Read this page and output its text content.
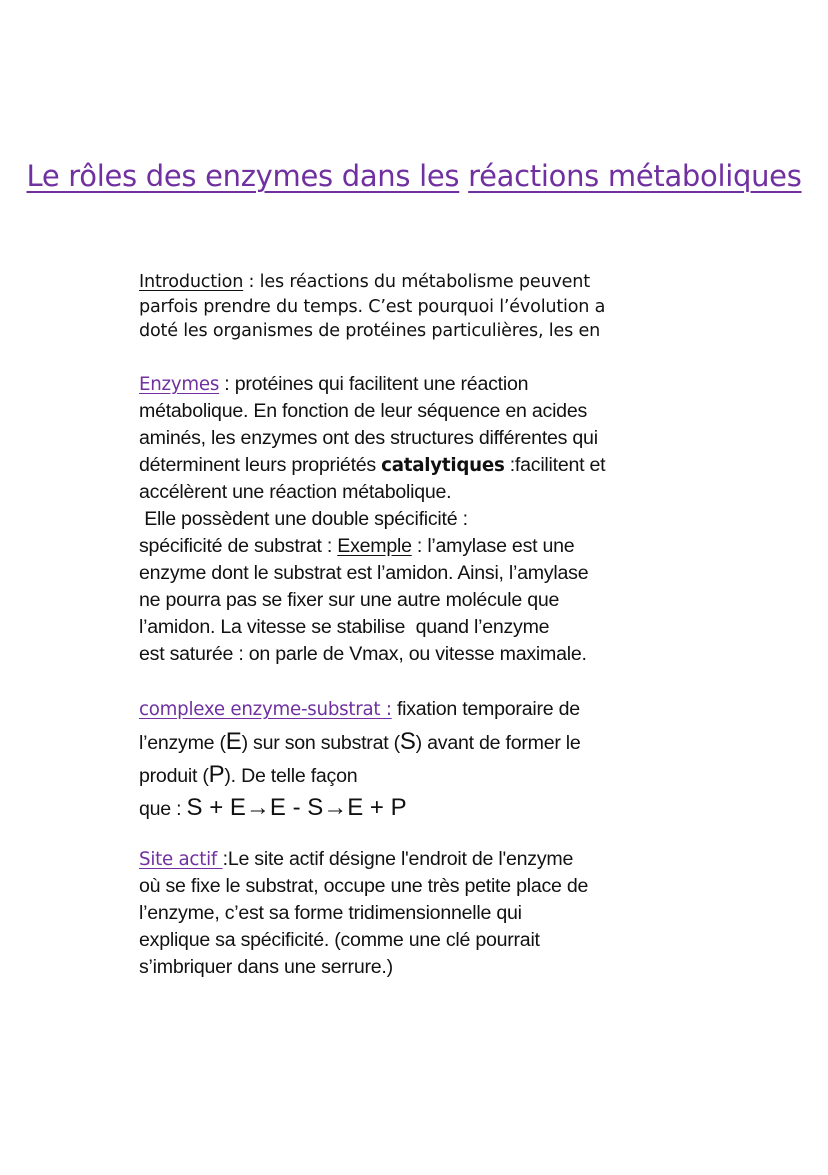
Le rôles des enzymes dans les réactions métaboliques
Introduction : les réactions du métabolisme peuvent
parfois prendre du temps. C’est pourquoi l’évolution a
doté les organismes de protéines particulières, les en
Enzymes : protéines qui facilitent une réaction
métabolique. En fonction de leur séquence en acides
aminés, les enzymes ont des structures différentes qui
déterminent leurs propriétés catalytiques :facilitent et
accélèrent une réaction métabolique.
Elle possèdent une double spécificité :
spécificité de substrat : Exemple : l’amylase est une
enzyme dont le substrat est l’amidon. Ainsi, l’amylase
ne pourra pas se fixer sur une autre molécule que
l’amidon. La vitesse se stabilise  quand l’enzyme
est saturée : on parle de Vmax, ou vitesse maximale.
complexe enzyme-substrat : fixation temporaire de
l’enzyme (E) sur son substrat (S) avant de former le
produit (P). De telle façon
que : S + E→E - S→E + P
Site actif :Le site actif désigne l'endroit de l'enzyme
où se fixe le substrat, occupe une très petite place de
l’enzyme, c’est sa forme tridimensionnelle qui
explique sa spécificité. (comme une clé pourrait
s’imbriquer dans une serrure.)
